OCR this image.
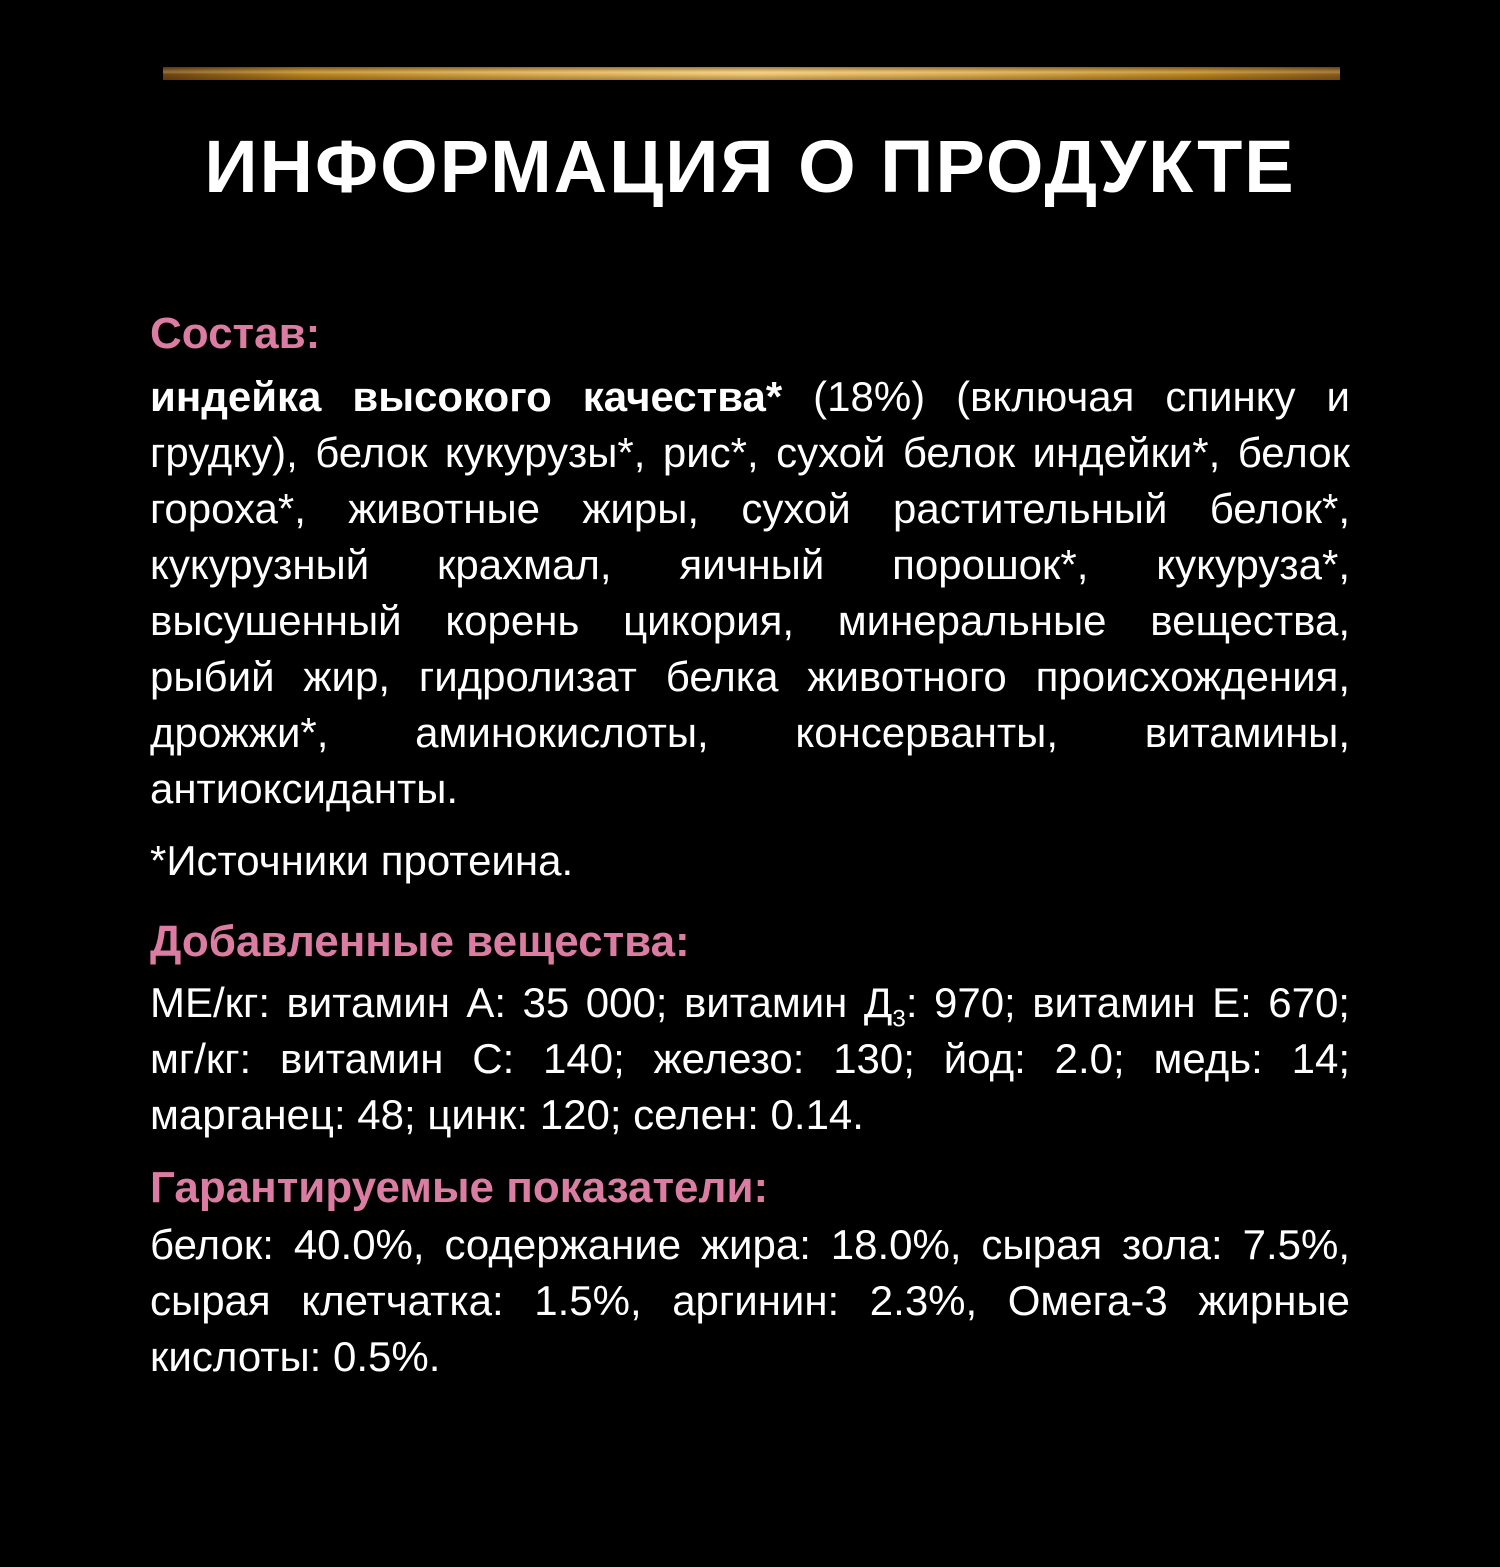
ИНФОРМАЦИЯ О ПРОДУКТЕ
Состав:

индейка высокого качества* (18%) (включая спинку и грудку), белок кукурузы*, рис*, сухой белок индейки*, белок гороха*, животные жиры, сухой растительный белок*, кукурузный крахмал, яичный порошок*, кукуруза*, высушенный корень цикория, минеральные вещества, рыбий жир, гидролизат белка животного происхождения, дрожжи*, аминокислоты, консерванты, витамины, антиоксиданты.

*Источники протеина.

Добавленные вещества:

МЕ/кг: витамин А: 35 000; витамин $Д_3$: 970; витамин Е: 670; мг/кг: витамин С: 140; железо: 130; йод: 2.0; медь: 14; марганец: 48; цинк: 120; селен: 0.14.

Гарантируемые показатели:

белок: 40.0%, содержание жира: 18.0%, сырая зола: 7.5%, сырая клетчатка: 1.5%, аргинин: 2.3%, Омега-3 жирные кислоты: 0.5%.
